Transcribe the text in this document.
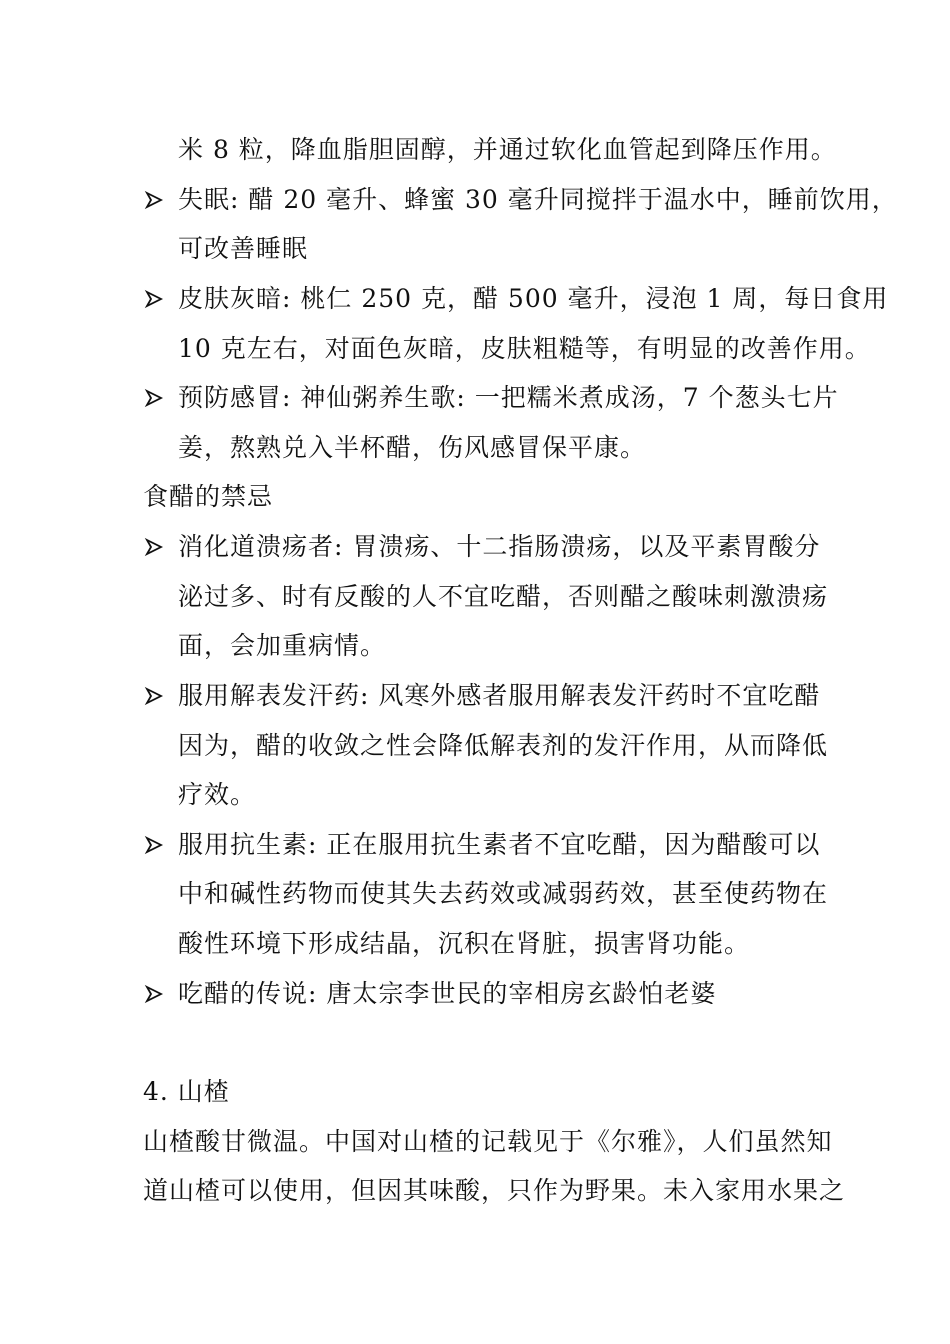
米 8 粒，降血脂胆固醇，并通过软化血管起到降压作用。
失眠: 醋 20 毫升、蜂蜜 30 毫升同搅拌于温水中，睡前饮用，
可改善睡眠
皮肤灰暗: 桃仁 250 克，醋 500 毫升，浸泡 1 周，每日食用
10 克左右，对面色灰暗，皮肤粗糙等，有明显的改善作用。
预防感冒: 神仙粥养生歌: 一把糯米煮成汤，7 个葱头七片
姜，熬熟兑入半杯醋，伤风感冒保平康。
食醋的禁忌
消化道溃疡者: 胃溃疡、十二指肠溃疡，以及平素胃酸分
泌过多、时有反酸的人不宜吃醋，否则醋之酸味刺激溃疡
面，会加重病情。
服用解表发汗药: 风寒外感者服用解表发汗药时不宜吃醋
因为，醋的收敛之性会降低解表剂的发汗作用，从而降低
疗效。
服用抗生素: 正在服用抗生素者不宜吃醋，因为醋酸可以
中和碱性药物而使其失去药效或减弱药效，甚至使药物在
酸性环境下形成结晶，沉积在肾脏，损害肾功能。
吃醋的传说: 唐太宗李世民的宰相房玄龄怕老婆
4. 山楂
山楂酸甘微温。中国对山楂的记载见于《尔雅》，人们虽然知
道山楂可以使用，但因其味酸，只作为野果。未入家用水果之
